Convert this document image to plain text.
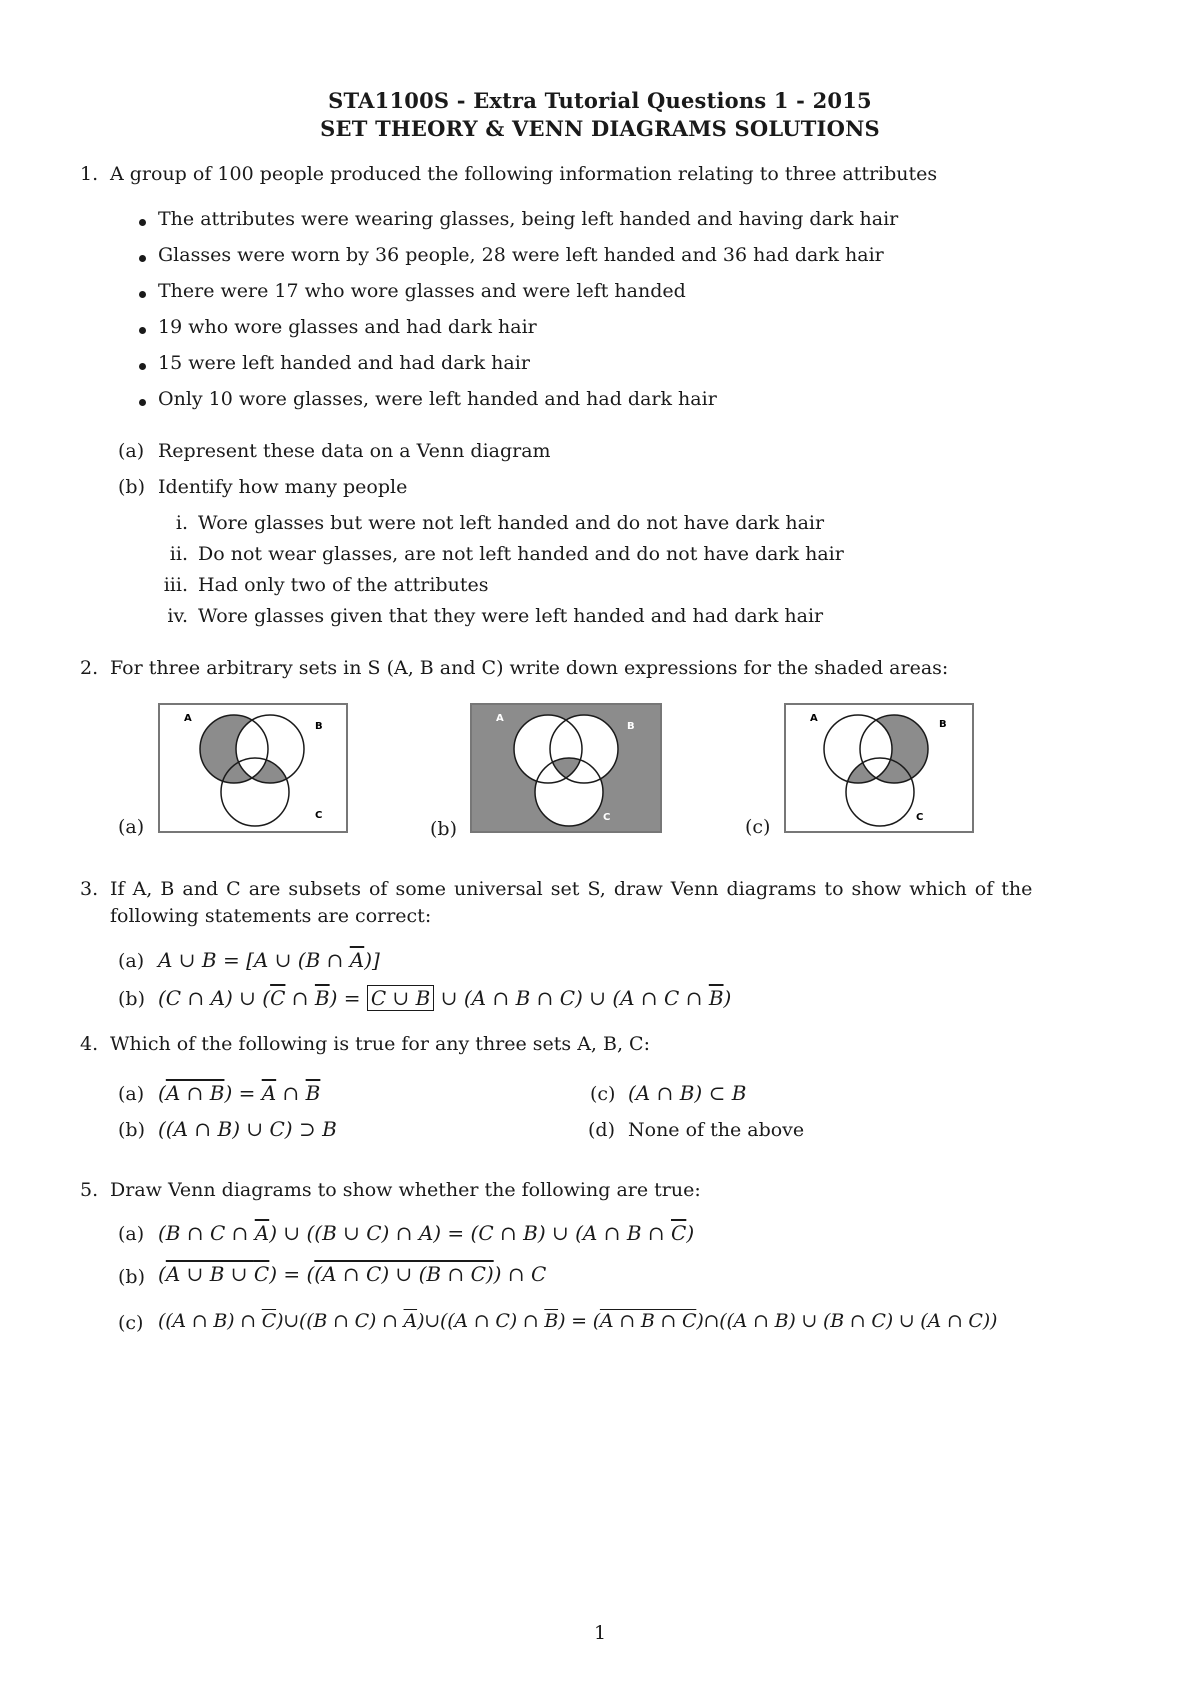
STA1100S - Extra Tutorial Questions 1 - 2015
SET THEORY & VENN DIAGRAMS SOLUTIONS
1. A group of 100 people produced the following information relating to three attributes
The attributes were wearing glasses, being left handed and having dark hair
Glasses were worn by 36 people, 28 were left handed and 36 had dark hair
There were 17 who wore glasses and were left handed
19 who wore glasses and had dark hair
15 were left handed and had dark hair
Only 10 wore glasses, were left handed and had dark hair
(a) Represent these data on a Venn diagram
(b) Identify how many people
i. Wore glasses but were not left handed and do not have dark hair
ii. Do not wear glasses, are not left handed and do not have dark hair
iii. Had only two of the attributes
iv. Wore glasses given that they were left handed and had dark hair
2. For three arbitrary sets in S (A, B and C) write down expressions for the shaded areas:
A
B
C
(a)
A
B
C
(b)
A
B
C
(c)
3. If A, B and C are subsets of some universal set S, draw Venn diagrams to show which of the
following statements are correct:
(a) A ∪ B = [A ∪ (B ∩ $\overline{A}$)]
(b) (C ∩ A) ∪ ($\overline{C}$ ∩ $\overline{B}) = C$ ∪ B ∪ (A ∩ B ∩ C) ∪ (A ∩ C ∩ $\overline{B}$)
4. Which of the following is true for any three sets A, B, C:
(a) (A ∩ $B) = \overline{A}$ ∩ $\overline{B}$	(c) (A ∩ B) ⊂ B
(b) ((A ∩ B) ∪ C) ⊃ B	(d) None of the above
5. Draw Venn diagrams to show whether the following are true:
(a) (B ∩ C ∩ $\overline{A}$) ∪ ((B ∪ C) ∩ A) = (C ∩ B) ∪ (A ∩ B ∩ $\overline{C}$)
(b) (A ∪ B ∪ C) = ((A ∩ C) ∪ (B ∩ C)) ∩ C
(c) ((A ∩ B) ∩ $\overline{C})\cup((B$ ∩ C) ∩ $\overline{A})\cup((A$ ∩ C) ∩ $\overline{B}) = (A$ ∩ B ∩ C)∩((A ∩ B) ∪ (B ∩ C) ∪ (A ∩ C))
1
